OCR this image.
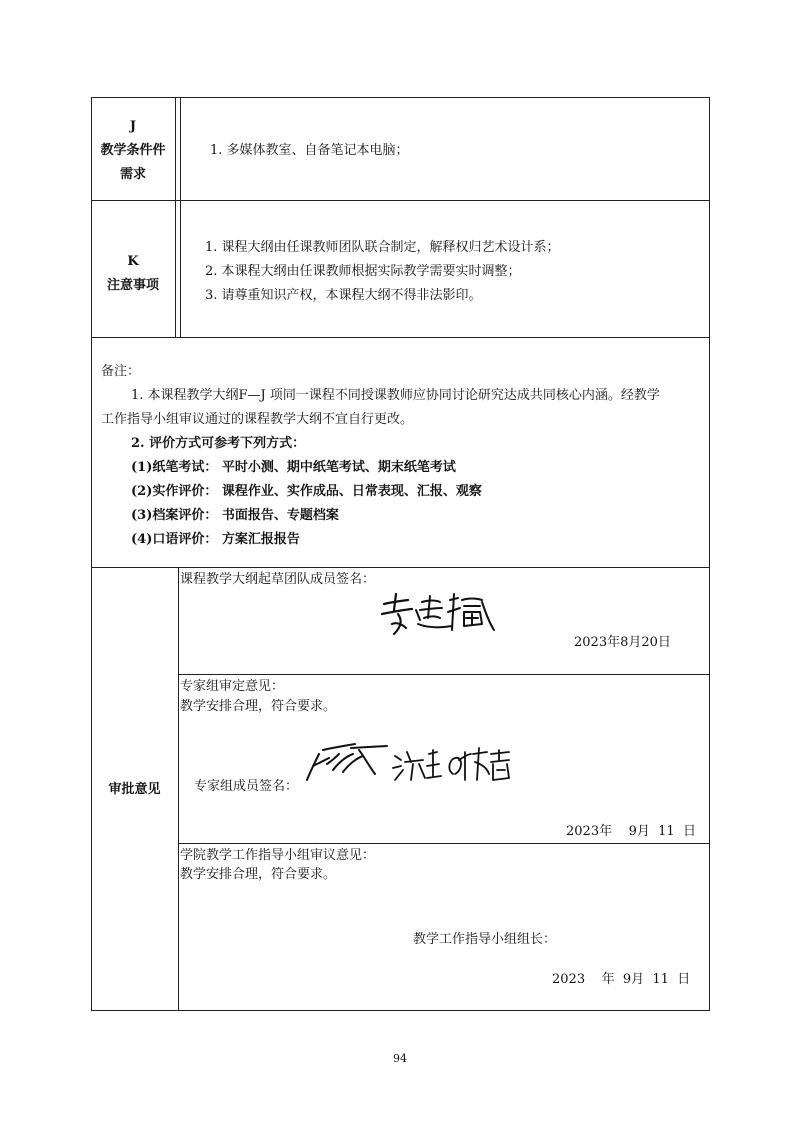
J
教学条件件
需求
1. 多媒体教室、自备笔记本电脑；
K
注意事项
1. 课程大纲由任课教师团队联合制定，解释权归艺术设计系；
2. 本课程大纲由任课教师根据实际教学需要实时调整；
3. 请尊重知识产权，本课程大纲不得非法影印。
备注：
1. 本课程教学大纲F—J 项同一课程不同授课教师应协同讨论研究达成共同核心内涵。经教学
工作指导小组审议通过的课程教学大纲不宜自行更改。
2. 评价方式可参考下列方式：
(1)纸笔考试： 平时小测、期中纸笔考试、期末纸笔考试
(2)实作评价： 课程作业、实作成品、日常表现、汇报、观察
(3)档案评价： 书面报告、专题档案
(4)口语评价： 方案汇报报告
审批意见
课程教学大纲起草团队成员签名：
2023年8月20日
专家组审定意见：
教学安排合理，符合要求。
专家组成员签名：
2023年    9月  11  日
学院教学工作指导小组审议意见：
教学安排合理，符合要求。
教学工作指导小组组长：
2023    年  9月  11  日
94
